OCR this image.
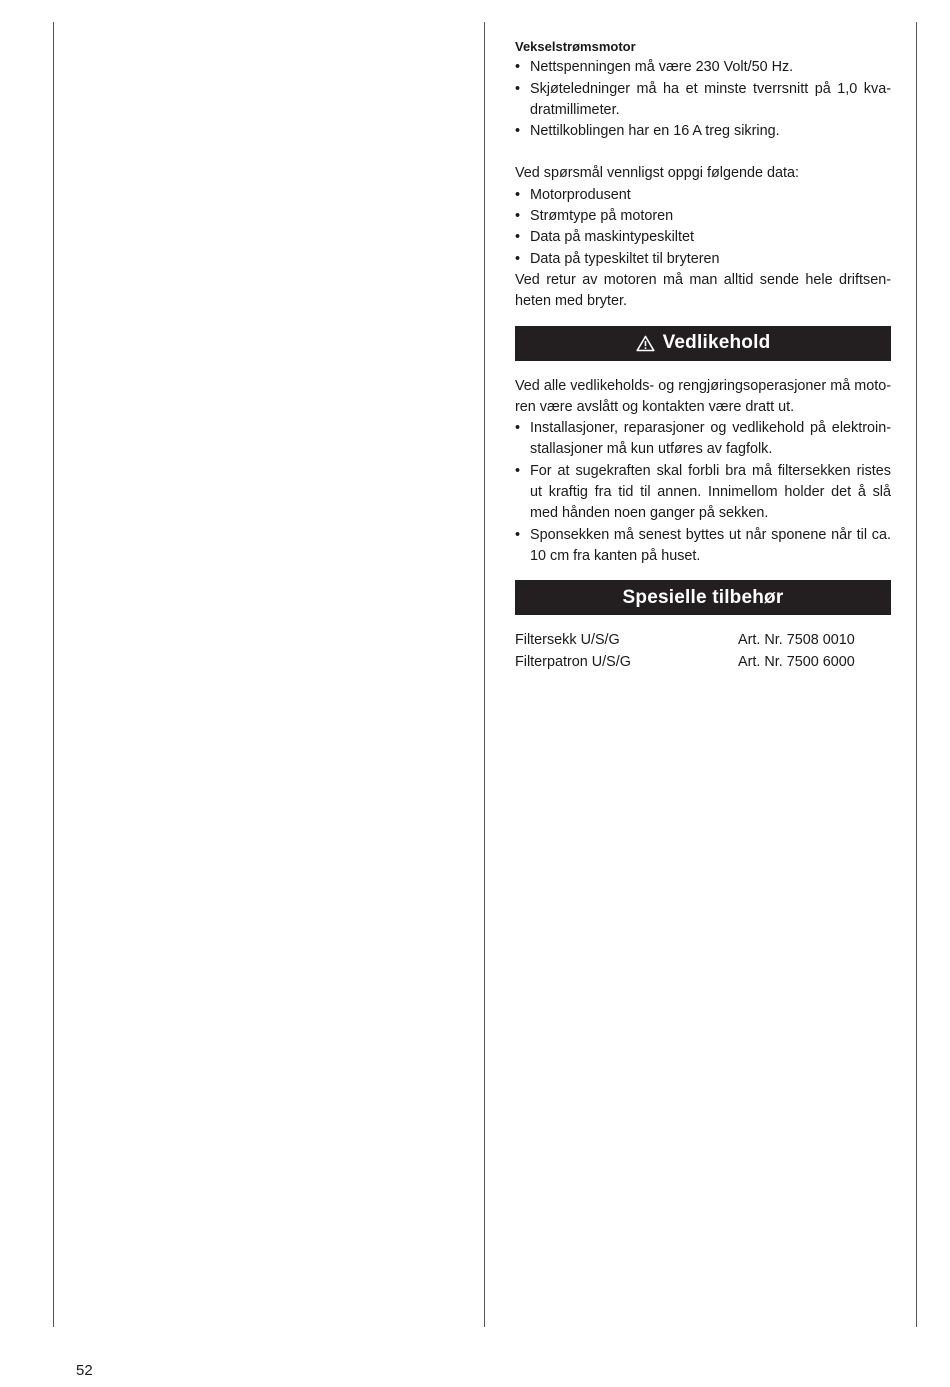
Vekselstrømsmotor

• Nettspenningen må være 230 Volt/50 Hz.
• Skjøteledninger må ha et minste tverrsnitt på 1,0 kva-dratmillimeter.
• Nettilkoblingen har en 16 A treg sikring.

Ved spørsmål vennligst oppgi følgende data:

• Motorprodusent
• Strømtype på motoren
• Data på maskintypeskiltet
• Data på typeskiltet til bryteren

Ved retur av motoren må man alltid sende hele driftsen-heten med bryter.

Vedlikehold

Ved alle vedlikeholds- og rengjøringsoperasjoner må moto-ren være avslått og kontakten være dratt ut.

• Installasjoner, reparasjoner og vedlikehold på elektroin-stallasjoner må kun utføres av fagfolk.
• For at sugekraften skal forbli bra må filtersekken ristes ut kraftig fra tid til annen. Innimellom holder det å slå med hånden noen ganger på sekken.
• Sponsekken må senest byttes ut når sponene når til ca. 10 cm fra kanten på huset.
Spesielle tilbehør
Filtersekk U/S/G	Art. Nr. 7508 0010
Filterpatron U/S/G	Art. Nr. 7500 6000
52
